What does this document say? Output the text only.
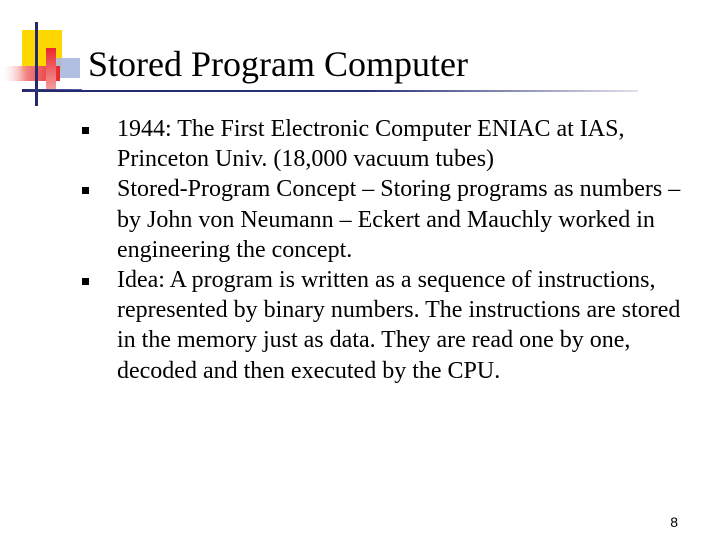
Stored Program Computer
1944: The First Electronic Computer ENIAC at IAS, Princeton Univ. (18,000 vacuum tubes)
Stored-Program Concept – Storing programs as numbers – by John von Neumann – Eckert and Mauchly worked in engineering the concept.
Idea: A program is written as a sequence of instructions, represented by binary numbers. The instructions are stored in the memory just as data. They are read one by one, decoded and then executed by the CPU.
8
